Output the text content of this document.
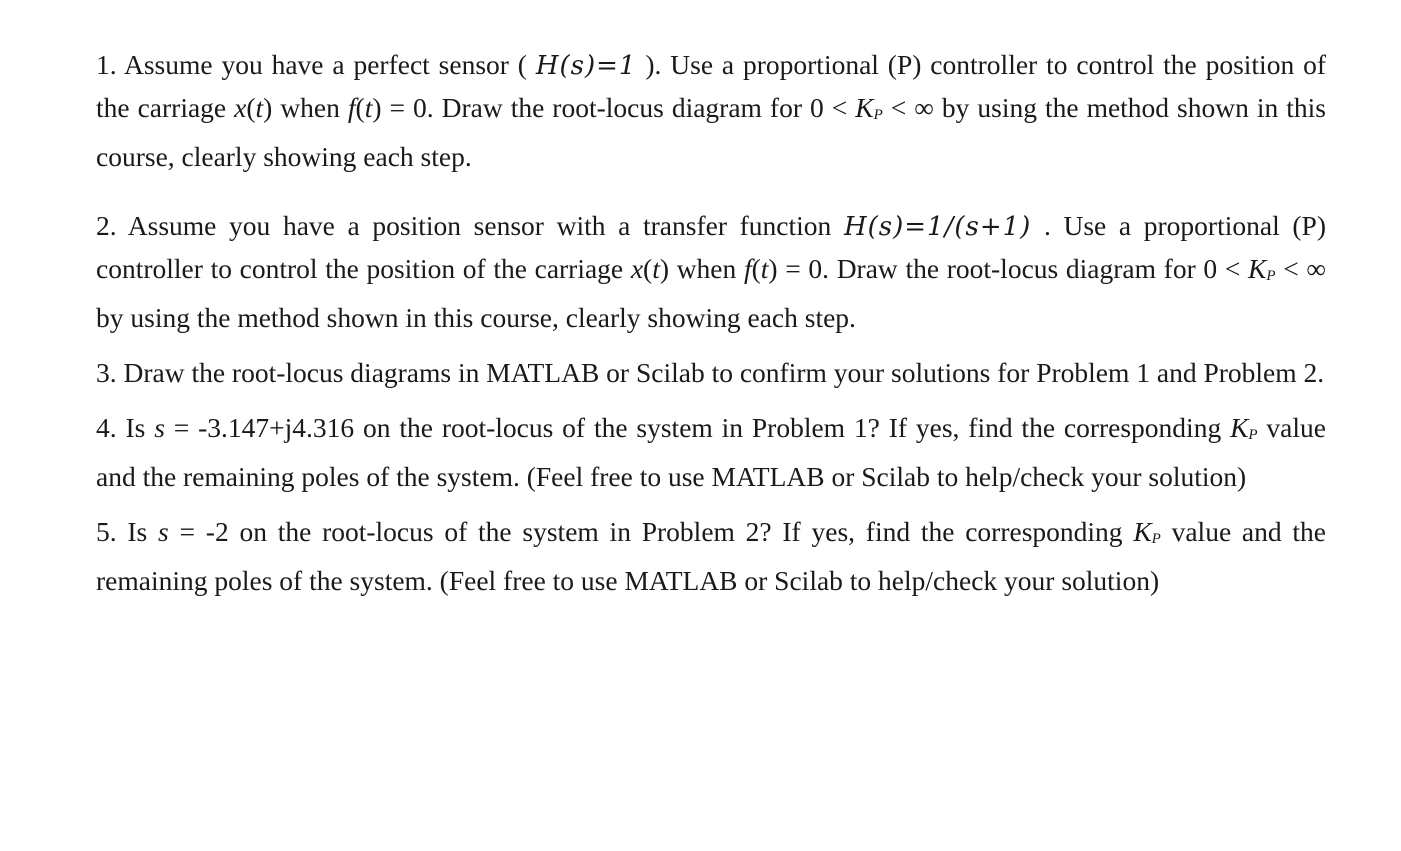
1. Assume you have a perfect sensor ( H(s)=1 ). Use a proportional (P) controller to control the position of the carriage x(t) when f(t) = 0. Draw the root-locus diagram for 0 < KP < ∞ by using the method shown in this course, clearly showing each step.

2. Assume you have a position sensor with a transfer function H(s)=1/(s+1) . Use a proportional (P) controller to control the position of the carriage x(t) when f(t) = 0. Draw the root-locus diagram for 0 < KP < ∞ by using the method shown in this course, clearly showing each step.

3. Draw the root-locus diagrams in MATLAB or Scilab to confirm your solutions for Problem 1 and Problem 2.

4. Is s = -3.147+j4.316 on the root-locus of the system in Problem 1? If yes, find the corresponding KP value and the remaining poles of the system. (Feel free to use MATLAB or Scilab to help/check your solution)

5. Is s = -2 on the root-locus of the system in Problem 2? If yes, find the corresponding KP value and the remaining poles of the system. (Feel free to use MATLAB or Scilab to help/check your solution)
